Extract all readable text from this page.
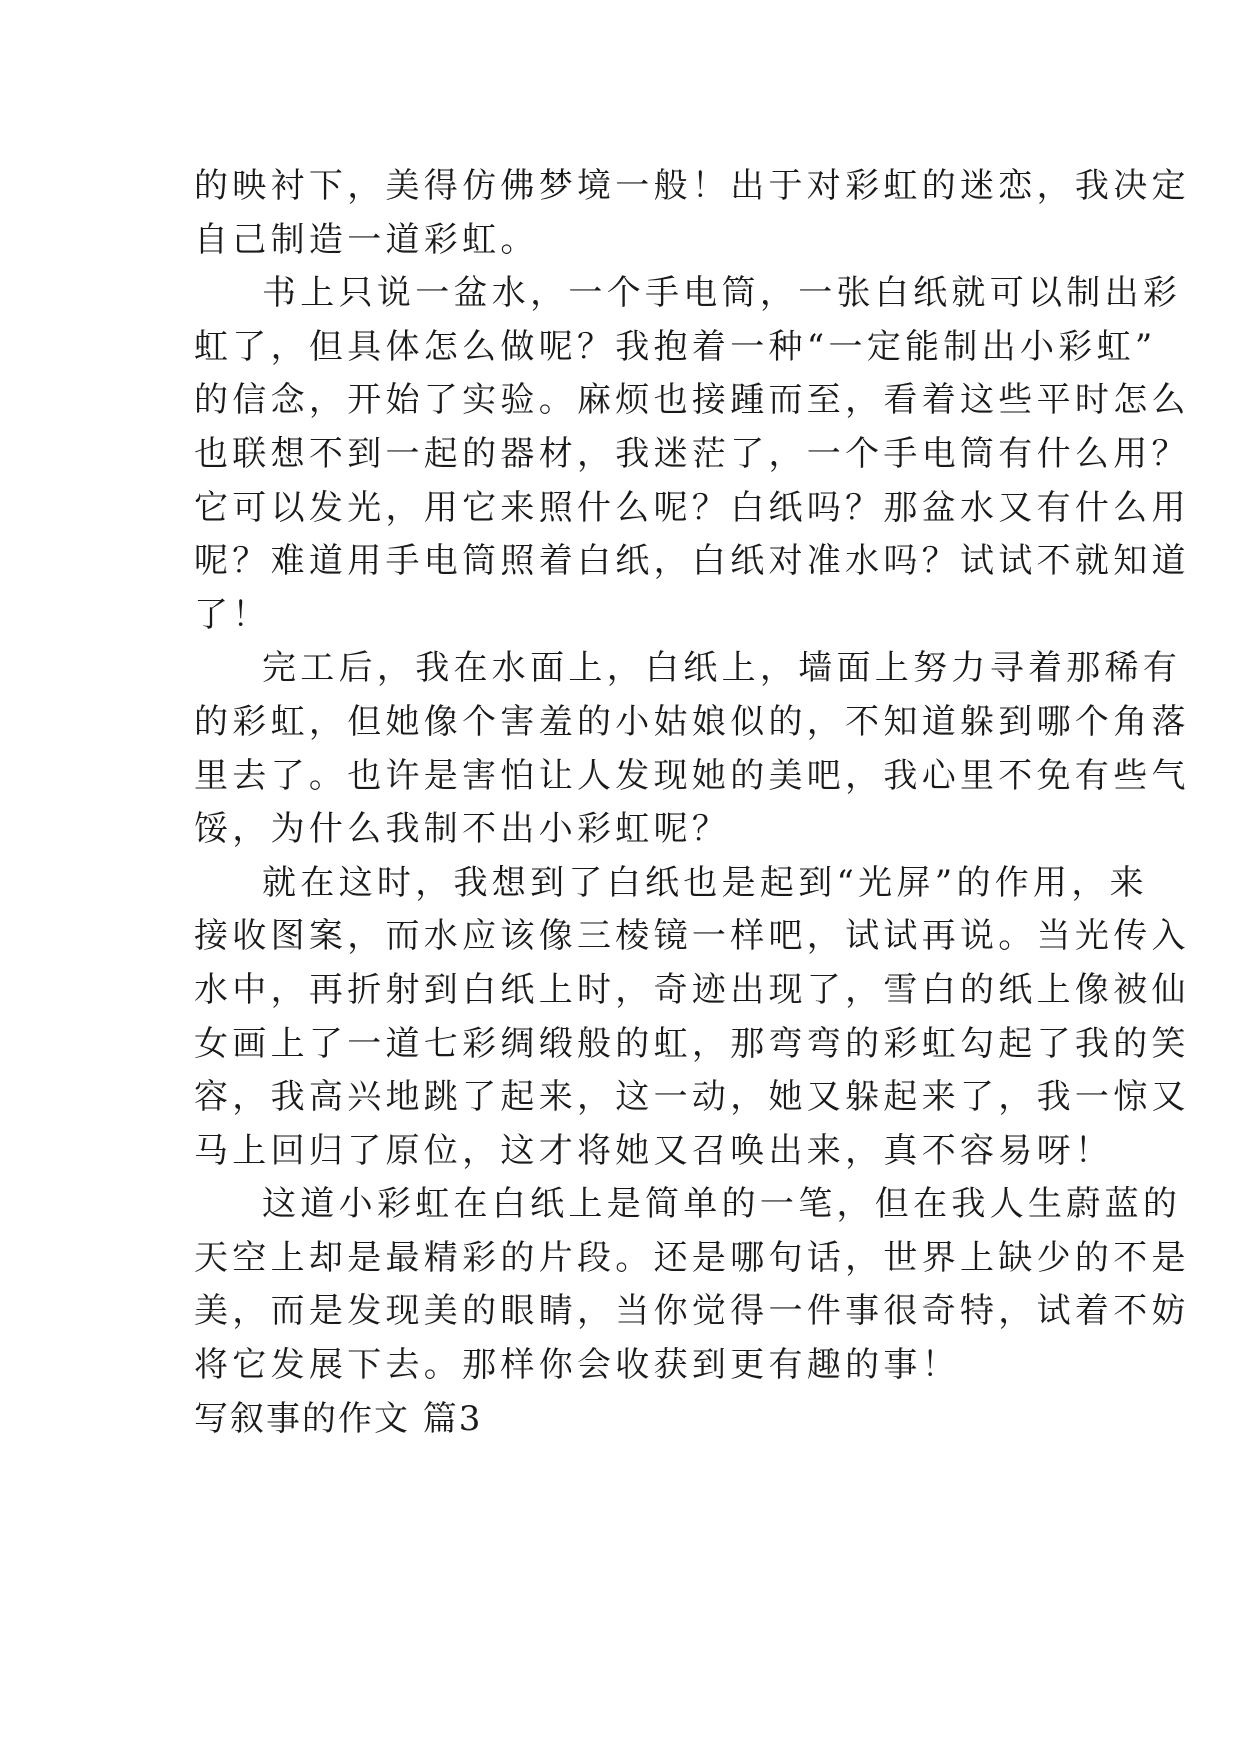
的映衬下，美得仿佛梦境一般！出于对彩虹的迷恋，我决定
自己制造一道彩虹。
书上只说一盆水，一个手电筒，一张白纸就可以制出彩
虹了，但具体怎么做呢？我抱着一种“一定能制出小彩虹”
的信念，开始了实验。麻烦也接踵而至，看着这些平时怎么
也联想不到一起的器材，我迷茫了，一个手电筒有什么用？
它可以发光，用它来照什么呢？白纸吗？那盆水又有什么用
呢？难道用手电筒照着白纸，白纸对准水吗？试试不就知道
了！
完工后，我在水面上，白纸上，墙面上努力寻着那稀有
的彩虹，但她像个害羞的小姑娘似的，不知道躲到哪个角落
里去了。也许是害怕让人发现她的美吧，我心里不免有些气
馁，为什么我制不出小彩虹呢？
就在这时，我想到了白纸也是起到“光屏”的作用，来
接收图案，而水应该像三棱镜一样吧，试试再说。当光传入
水中，再折射到白纸上时，奇迹出现了，雪白的纸上像被仙
女画上了一道七彩绸缎般的虹，那弯弯的彩虹勾起了我的笑
容，我高兴地跳了起来，这一动，她又躲起来了，我一惊又
马上回归了原位，这才将她又召唤出来，真不容易呀！
这道小彩虹在白纸上是简单的一笔，但在我人生蔚蓝的
天空上却是最精彩的片段。还是哪句话，世界上缺少的不是
美，而是发现美的眼睛，当你觉得一件事很奇特，试着不妨
将它发展下去。那样你会收获到更有趣的事！
写叙事的作文 篇3
